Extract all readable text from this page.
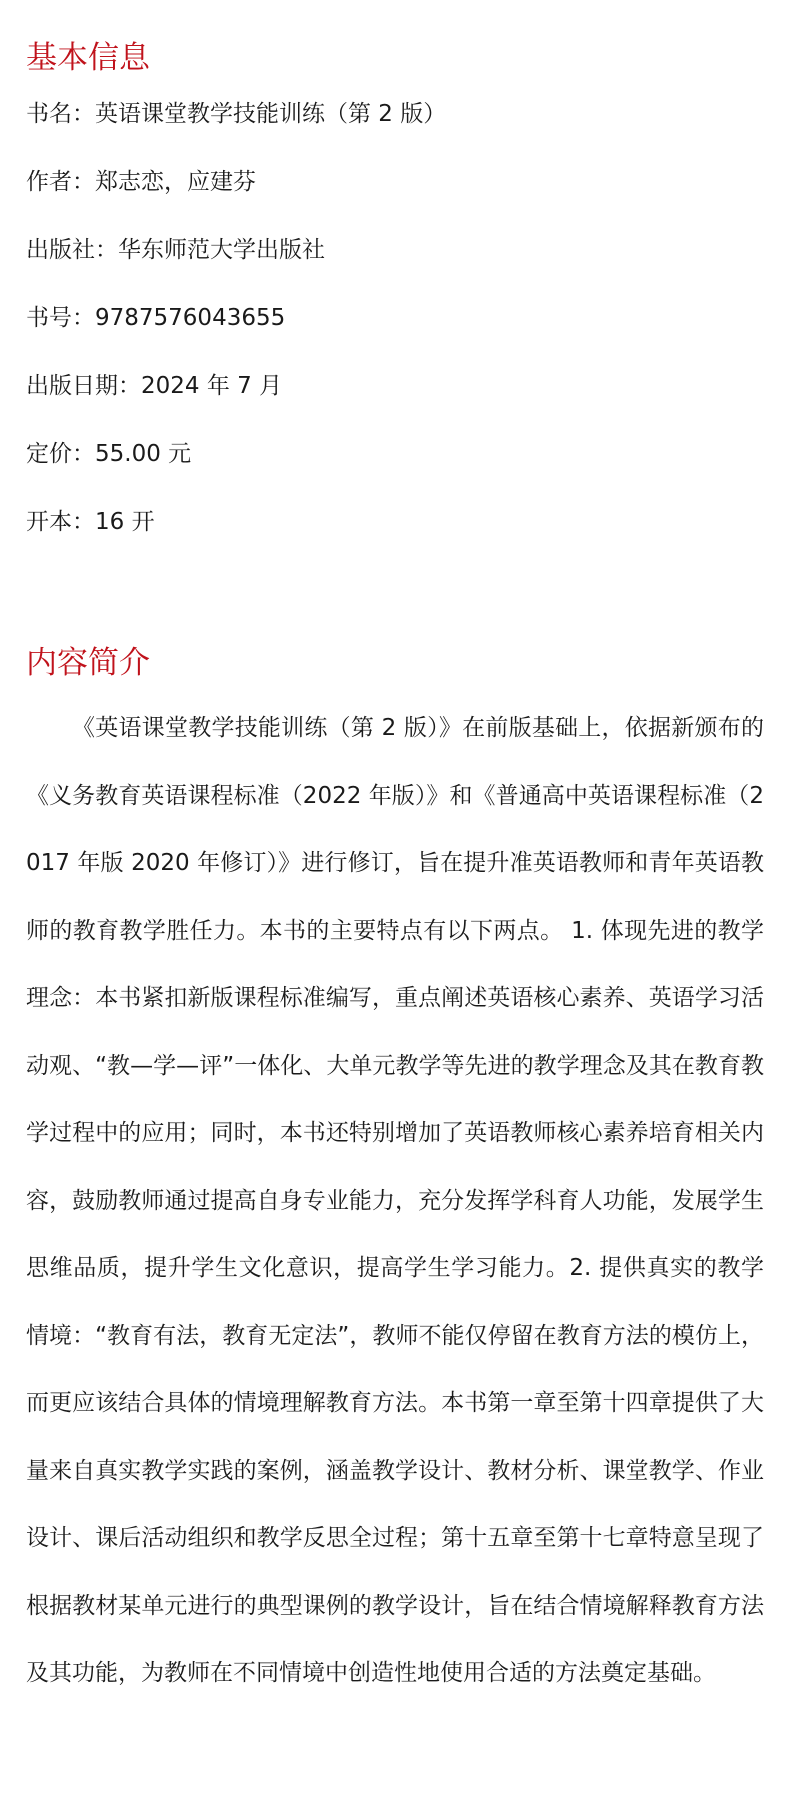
基本信息
书名：英语课堂教学技能训练（第 2 版）
作者：郑志恋，应建芬
出版社：华东师范大学出版社
书号：9787576043655
出版日期：2024 年 7 月
定价：55.00 元
开本：16 开
内容简介

《英语课堂教学技能训练（第 2 版）》在前版基础上，依据新颁布的《义务教育英语课程标准（2022 年版）》和《普通高中英语课程标准（2017 年版 2020 年修订）》进行修订，旨在提升准英语教师和青年英语教师的教育教学胜任力。本书的主要特点有以下两点。 1. 体现先进的教学理念：本书紧扣新版课程标准编写，重点阐述英语核心素养、英语学习活动观、“教—学—评”一体化、大单元教学等先进的教学理念及其在教育教学过程中的应用；同时，本书还特别增加了英语教师核心素养培育相关内容，鼓励教师通过提高自身专业能力，充分发挥学科育人功能，发展学生思维品质，提升学生文化意识，提高学生学习能力。2. 提供真实的教学情境：“教育有法，教育无定法”，教师不能仅停留在教育方法的模仿上，而更应该结合具体的情境理解教育方法。本书第一章至第十四章提供了大量来自真实教学实践的案例，涵盖教学设计、教材分析、课堂教学、作业设计、课后活动组织和教学反思全过程；第十五章至第十七章特意呈现了根据教材某单元进行的典型课例的教学设计，旨在结合情境解释教育方法及其功能，为教师在不同情境中创造性地使用合适的方法奠定基础。
